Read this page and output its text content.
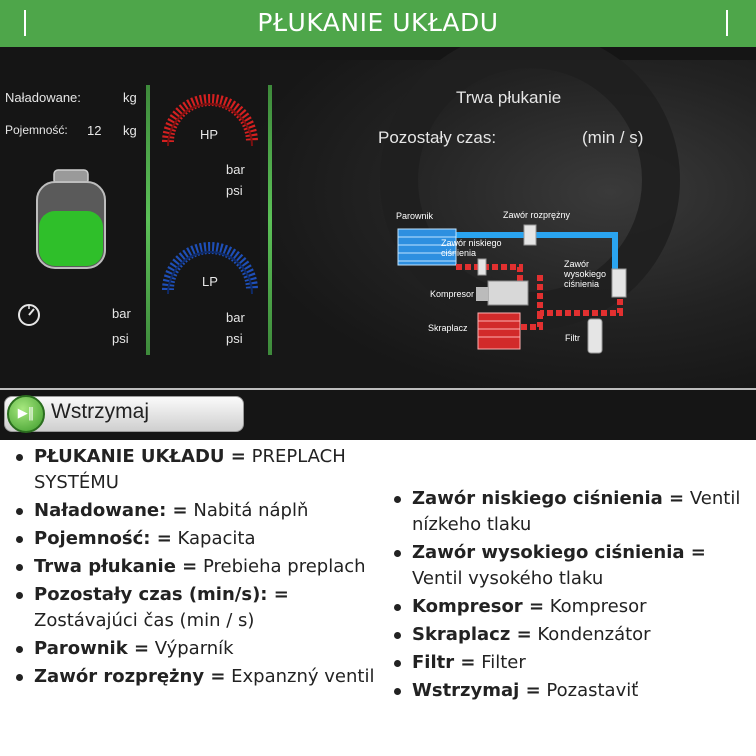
PŁUKANIE UKŁADU
Naładowane:	kg
Pojemność: 12 kg
bar
psi
HP
bar
psi
LP
bar
psi
Trwa płukanie
Pozostały czas:	(min / s)
Parownik	Zawór rozprężny
Zawór niskiego
ciśnienia
Zawór
wysokiego
ciśnienia
Kompresor
Skraplacz
Filtr
▶‖ Wstrzymaj
PŁUKANIE UKŁADU = PREPLACH SYSTÉMU
Naładowane: = Nabitá náplň
Pojemność: = Kapacita
Trwa płukanie = Prebieha preplach
Pozostały czas (min/s): = Zostávajúci čas (min / s)
Parownik = Výparník
Zawór rozprężny = Expanzný ventil
Zawór niskiego ciśnienia = Ventil nízkeho tlaku
Zawór wysokiego ciśnienia = Ventil vysokého tlaku
Kompresor = Kompresor
Skraplacz = Kondenzátor
Filtr = Filter
Wstrzymaj = Pozastaviť
